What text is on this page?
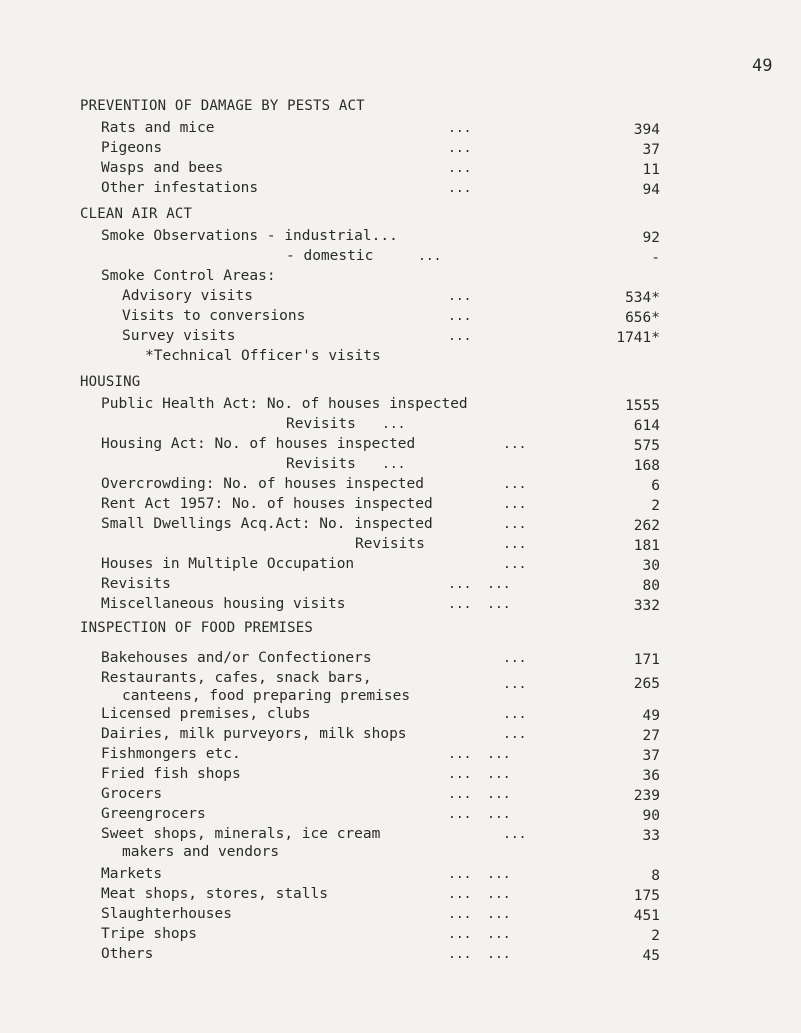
49
PREVENTION OF DAMAGE BY PESTS ACT
Rats and mice	...	394
Pigeons	...	37
Wasps and bees	...	11
Other infestations	...	94
CLEAN AIR ACT
Smoke Observations - industrial...	92
- domestic	...	-
Smoke Control Areas:
Advisory visits	...	534*
Visits to conversions	...	656*
Survey visits	...	1741*
*Technical Officer's visits
HOUSING
Public Health Act: No. of houses inspected	1555
Revisits ...	614
Housing Act: No. of houses inspected	...	575
Revisits ...	168
Overcrowding: No. of houses inspected	...	6
Rent Act 1957: No. of houses inspected	...	2
Small Dwellings Acq.Act: No. inspected	...	262
Revisits	...	181
Houses in Multiple Occupation	...	30
Revisits	...  ...	80
Miscellaneous housing visits	...  ...	332
INSPECTION OF FOOD PREMISES
Bakehouses and/or Confectioners	...	171
Restaurants, cafes, snack bars,	...	265
canteens, food preparing premises
Licensed premises, clubs	...	49
Dairies, milk purveyors, milk shops	...	27
Fishmongers etc.	...  ...	37
Fried fish shops	...  ...	36
Grocers	...  ...	239
Greengrocers	...  ...	90
Sweet shops, minerals, ice cream	...	33
makers and vendors
Markets	...  ...	8
Meat shops, stores, stalls	...  ...	175
Slaughterhouses	...  ...	451
Tripe shops	...  ...	2
Others	...  ...	45
